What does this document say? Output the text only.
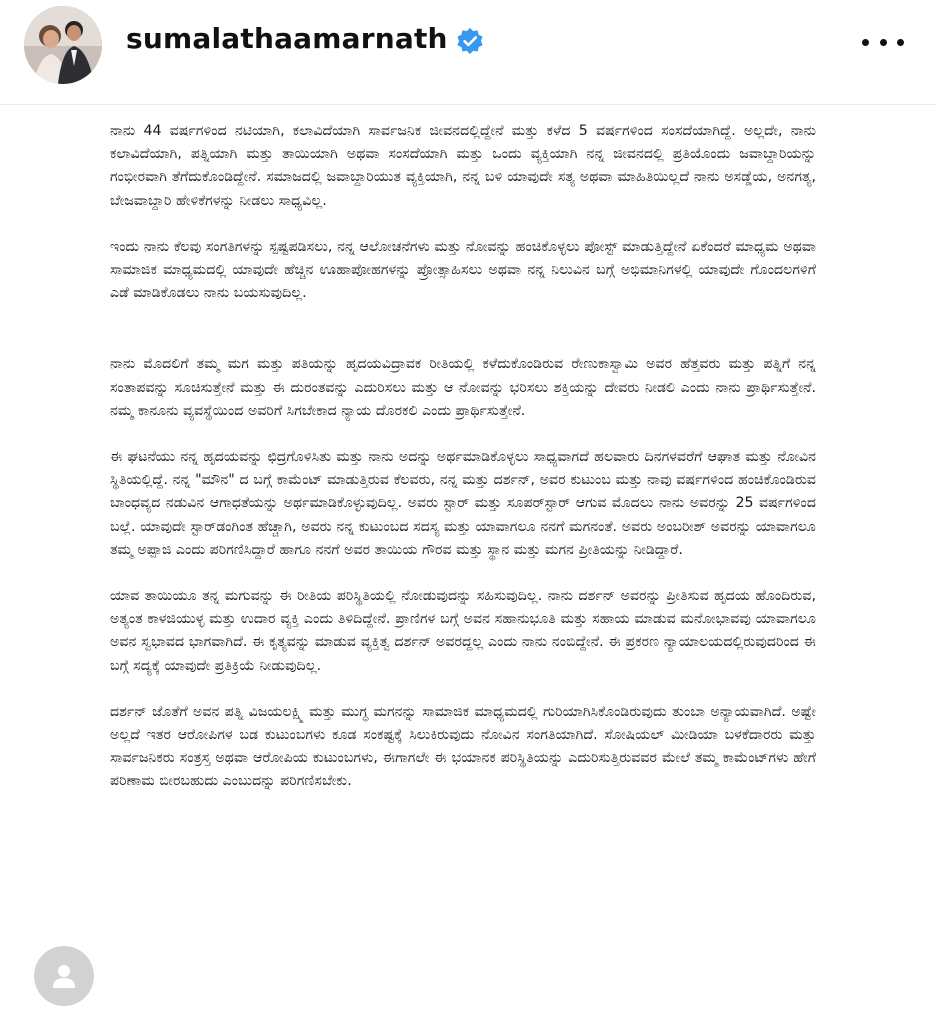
sumalathaamarnath

ನಾನು 44 ವರ್ಷಗಳಿಂದ ನಟಿಯಾಗಿ, ಕಲಾವಿದೆಯಾಗಿ ಸಾರ್ವಜನಿಕ ಜೀವನದಲ್ಲಿದ್ದೇನೆ ಮತ್ತು ಕಳೆದ 5 ವರ್ಷಗಳಿಂದ ಸಂಸದೆಯಾಗಿದ್ದೆ. ಅಲ್ಲದೇ, ನಾನು ಕಲಾವಿದೆಯಾಗಿ, ಪತ್ನಿಯಾಗಿ ಮತ್ತು ತಾಯಿಯಾಗಿ ಅಥವಾ ಸಂಸದೆಯಾಗಿ ಮತ್ತು ಒಂದು ವ್ಯಕ್ತಿಯಾಗಿ ನನ್ನ ಜೀವನದಲ್ಲಿ ಪ್ರತಿಯೊಂದು ಜವಾಬ್ದಾರಿಯನ್ನು ಗಂಭೀರವಾಗಿ ತೆಗೆದುಕೊಂಡಿದ್ದೇನೆ. ಸಮಾಜದಲ್ಲಿ ಜವಾಬ್ದಾರಿಯುತ ವ್ಯಕ್ತಿಯಾಗಿ, ನನ್ನ ಬಳಿ ಯಾವುದೇ ಸತ್ಯ ಅಥವಾ ಮಾಹಿತಿಯಿಲ್ಲದೆ ನಾನು ಅಸಡ್ಡೆಯ, ಅನಗತ್ಯ, ಬೇಜವಾಬ್ದಾರಿ ಹೇಳಿಕೆಗಳನ್ನು ನೀಡಲು ಸಾಧ್ಯವಿಲ್ಲ.

ಇಂದು ನಾನು ಕೆಲವು ಸಂಗತಿಗಳನ್ನು ಸ್ಪಷ್ಟಪಡಿಸಲು, ನನ್ನ ಆಲೋಚನೆಗಳು ಮತ್ತು ನೋವನ್ನು ಹಂಚಿಕೊಳ್ಳಲು ಪೋಸ್ಟ್ ಮಾಡುತ್ತಿದ್ದೇನೆ ಏಕೆಂದರೆ ಮಾಧ್ಯಮ ಅಥವಾ ಸಾಮಾಜಿಕ ಮಾಧ್ಯಮದಲ್ಲಿ ಯಾವುದೇ ಹೆಚ್ಚಿನ ಊಹಾಪೋಹಗಳನ್ನು ಪ್ರೋತ್ಸಾಹಿಸಲು ಅಥವಾ ನನ್ನ ನಿಲುವಿನ ಬಗ್ಗೆ ಅಭಿಮಾನಿಗಳಲ್ಲಿ ಯಾವುದೇ ಗೊಂದಲಗಳಿಗೆ ಎಡೆ ಮಾಡಿಕೊಡಲು ನಾನು ಬಯಸುವುದಿಲ್ಲ.

ನಾನು ಮೊದಲಿಗೆ ತಮ್ಮ ಮಗ ಮತ್ತು ಪತಿಯನ್ನು ಹೃದಯವಿದ್ರಾವಕ ರೀತಿಯಲ್ಲಿ ಕಳೆದುಕೊಂಡಿರುವ ರೇಣುಕಾಸ್ವಾಮಿ ಅವರ ಹೆತ್ತವರು ಮತ್ತು ಪತ್ನಿಗೆ ನನ್ನ ಸಂತಾಪವನ್ನು ಸೂಚಿಸುತ್ತೇನೆ ಮತ್ತು ಈ ದುರಂತವನ್ನು ಎದುರಿಸಲು ಮತ್ತು ಆ ನೋವನ್ನು ಭರಿಸಲು ಶಕ್ತಿಯನ್ನು ದೇವರು ನೀಡಲಿ ಎಂದು ನಾನು ಪ್ರಾರ್ಥಿಸುತ್ತೇನೆ. ನಮ್ಮ ಕಾನೂನು ವ್ಯವಸ್ಥೆಯಿಂದ ಅವರಿಗೆ ಸಿಗಬೇಕಾದ ನ್ಯಾಯ ದೊರಕಲಿ ಎಂದು ಪ್ರಾರ್ಥಿಸುತ್ತೇನೆ.

ಈ ಘಟನೆಯು ನನ್ನ ಹೃದಯವನ್ನು ಛಿದ್ರಗೊಳಿಸಿತು ಮತ್ತು ನಾನು ಅದನ್ನು ಅರ್ಥಮಾಡಿಕೊಳ್ಳಲು ಸಾಧ್ಯವಾಗದೆ ಹಲವಾರು ದಿನಗಳವರೆಗೆ ಆಘಾತ ಮತ್ತು ನೋವಿನ ಸ್ಥಿತಿಯಲ್ಲಿದ್ದೆ. ನನ್ನ "ಮೌನ" ದ ಬಗ್ಗೆ ಕಾಮೆಂಟ್ ಮಾಡುತ್ತಿರುವ ಕೆಲವರು, ನನ್ನ ಮತ್ತು ದರ್ಶನ್, ಅವರ ಕುಟುಂಬ ಮತ್ತು ನಾವು ವರ್ಷಗಳಿಂದ ಹಂಚಿಕೊಂಡಿರುವ ಬಾಂಧವ್ಯದ ನಡುವಿನ ಆಗಾಧತೆಯನ್ನು ಅರ್ಥಮಾಡಿಕೊಳ್ಳುವುದಿಲ್ಲ. ಅವರು ಸ್ಟಾರ್ ಮತ್ತು ಸೂಪರ್‌ಸ್ಟಾರ್ ಆಗುವ ಮೊದಲು ನಾನು ಅವರನ್ನು 25 ವರ್ಷಗಳಿಂದ ಬಲ್ಲೆ. ಯಾವುದೇ ಸ್ಟಾರ್‌ಡಂಗಿಂತ ಹೆಚ್ಚಾಗಿ, ಅವರು ನನ್ನ ಕುಟುಂಬದ ಸದಸ್ಯ ಮತ್ತು ಯಾವಾಗಲೂ ನನಗೆ ಮಗನಂತೆ. ಅವರು ಅಂಬರೀಶ್ ಅವರನ್ನು ಯಾವಾಗಲೂ ತಮ್ಮ ಅಪ್ಪಾಜಿ ಎಂದು ಪರಿಗಣಿಸಿದ್ದಾರೆ ಹಾಗೂ ನನಗೆ ಅವರ ತಾಯಿಯ ಗೌರವ ಮತ್ತು ಸ್ಥಾನ ಮತ್ತು ಮಗನ ಪ್ರೀತಿಯನ್ನು ನೀಡಿದ್ದಾರೆ.

ಯಾವ ತಾಯಿಯೂ ತನ್ನ ಮಗುವನ್ನು ಈ ರೀತಿಯ ಪರಿಸ್ಥಿತಿಯಲ್ಲಿ ನೋಡುವುದನ್ನು ಸಹಿಸುವುದಿಲ್ಲ. ನಾನು ದರ್ಶನ್ ಅವರನ್ನು ಪ್ರೀತಿಸುವ ಹೃದಯ ಹೊಂದಿರುವ, ಅತ್ಯಂತ ಕಾಳಜಿಯುಳ್ಳ ಮತ್ತು ಉದಾರ ವ್ಯಕ್ತಿ ಎಂದು ತಿಳಿದಿದ್ದೇನೆ. ಪ್ರಾಣಿಗಳ ಬಗ್ಗೆ ಅವನ ಸಹಾನುಭೂತಿ ಮತ್ತು ಸಹಾಯ ಮಾಡುವ ಮನೋಭಾವವು ಯಾವಾಗಲೂ ಅವನ ಸ್ವಭಾವದ ಭಾಗವಾಗಿದೆ. ಈ ಕೃತ್ಯವನ್ನು ಮಾಡುವ ವ್ಯಕ್ತಿತ್ವ ದರ್ಶನ್ ಅವರದ್ದಲ್ಲ ಎಂದು ನಾನು ನಂಬಿದ್ದೇನೆ. ಈ ಪ್ರಕರಣ ನ್ಯಾಯಾಲಯದಲ್ಲಿರುವುದರಿಂದ ಈ ಬಗ್ಗೆ ಸದ್ಯಕ್ಕೆ ಯಾವುದೇ ಪ್ರತಿಕ್ರಿಯೆ ನೀಡುವುದಿಲ್ಲ.

ದರ್ಶನ್ ಜೊತೆಗೆ ಅವನ ಪತ್ನಿ ವಿಜಯಲಕ್ಷ್ಮಿ ಮತ್ತು ಮುಗ್ಧ ಮಗನನ್ನು ಸಾಮಾಜಿಕ ಮಾಧ್ಯಮದಲ್ಲಿ ಗುರಿಯಾಗಿಸಿಕೊಂಡಿರುವುದು ತುಂಬಾ ಅನ್ಯಾಯವಾಗಿದೆ. ಅಷ್ಟೇ ಅಲ್ಲದೆ ಇತರ ಆರೋಪಿಗಳ ಬಡ ಕುಟುಂಬಗಳು ಕೂಡ ಸಂಕಷ್ಟಕ್ಕೆ ಸಿಲುಕಿರುವುದು ನೋವಿನ ಸಂಗತಿಯಾಗಿದೆ. ಸೋಷಿಯಲ್ ಮೀಡಿಯಾ ಬಳಕೆದಾರರು ಮತ್ತು ಸಾರ್ವಜನಿಕರು ಸಂತ್ರಸ್ತ ಅಥವಾ ಆರೋಪಿಯ ಕುಟುಂಬಗಳು, ಈಗಾಗಲೇ ಈ ಭಯಾನಕ ಪರಿಸ್ಥಿತಿಯನ್ನು ಎದುರಿಸುತ್ತಿರುವವರ ಮೇಲೆ ತಮ್ಮ ಕಾಮೆಂಟ್‌ಗಳು ಹೇಗೆ ಪರಿಣಾಮ ಬೀರಬಹುದು ಎಂಬುದನ್ನು ಪರಿಗಣಿಸಬೇಕು.
